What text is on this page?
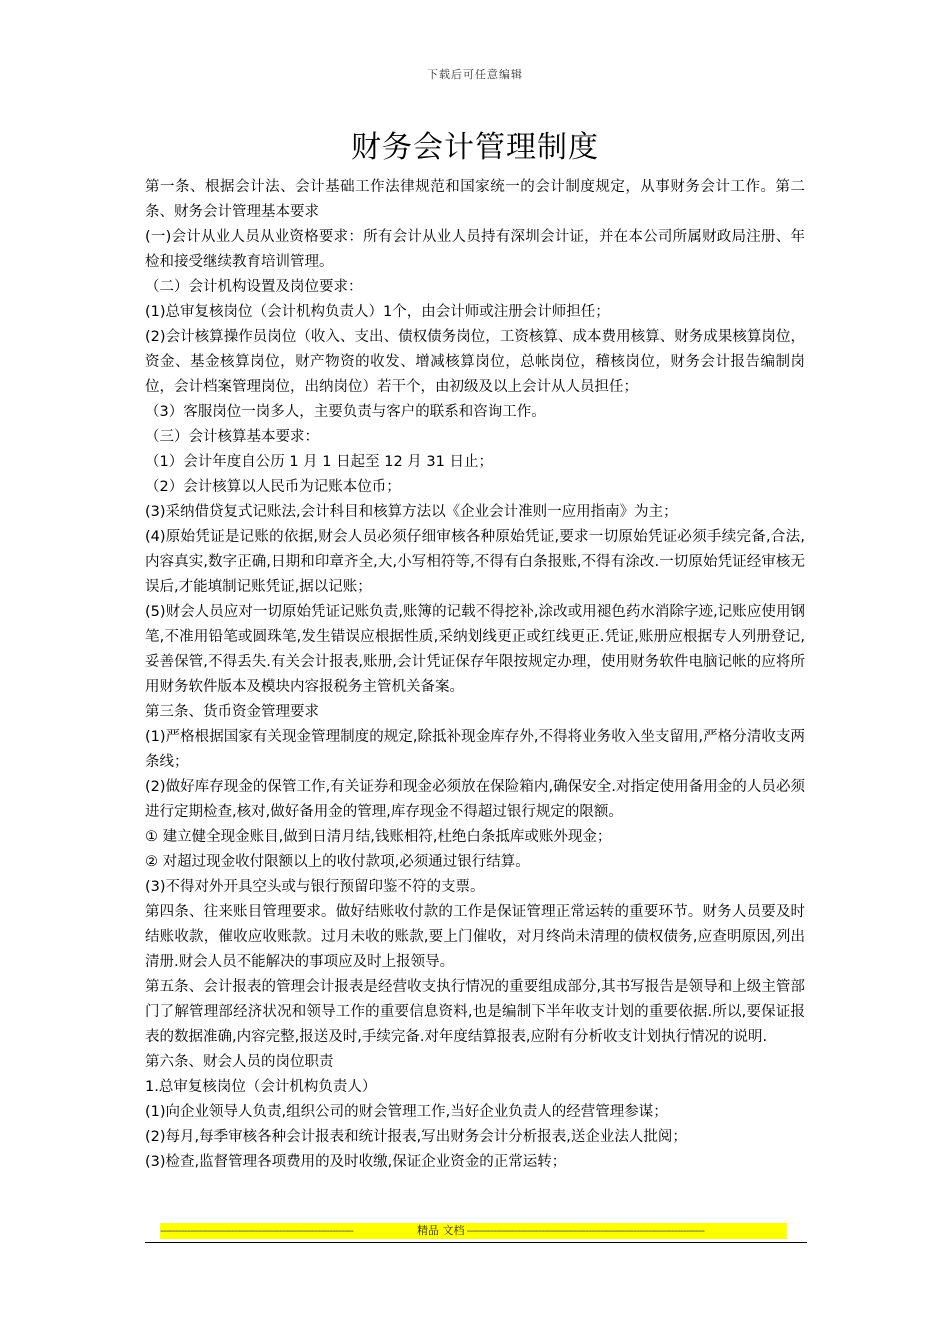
下载后可任意编辑
财务会计管理制度

第一条、根据会计法、会计基础工作法律规范和国家统一的会计制度规定，从事财务会计工作。第二条、财务会计管理基本要求

(一)会计从业人员从业资格要求：所有会计从业人员持有深圳会计证，并在本公司所属财政局注册、年检和接受继续教育培训管理。

（二）会计机构设置及岗位要求：

(1)总审复核岗位（会计机构负责人）1个，由会计师或注册会计师担任；

(2)会计核算操作员岗位（收入、支出、债权债务岗位，工资核算、成本费用核算、财务成果核算岗位，资金、基金核算岗位，财产物资的收发、增减核算岗位，总帐岗位，稽核岗位，财务会计报告编制岗位，会计档案管理岗位，出纳岗位）若干个，由初级及以上会计从人员担任；

（3）客服岗位一岗多人，主要负责与客户的联系和咨询工作。

（三）会计核算基本要求：

（1）会计年度自公历 1 月 1 日起至 12 月 31 日止；

（2）会计核算以人民币为记账本位币；

(3)采纳借贷复式记账法,会计科目和核算方法以《企业会计准则一应用指南》为主；

(4)原始凭证是记账的依据,财会人员必须仔细审核各种原始凭证,要求一切原始凭证必须手续完备,合法,内容真实,数字正确,日期和印章齐全,大,小写相符等,不得有白条报账,不得有涂改.一切原始凭证经审核无误后,才能填制记账凭证,据以记账；

(5)财会人员应对一切原始凭证记账负责,账簿的记载不得挖补,涂改或用褪色药水消除字迹,记账应使用钢笔,不准用铅笔或圆珠笔,发生错误应根据性质,采纳划线更正或红线更正.凭证,账册应根据专人列册登记,妥善保管,不得丢失.有关会计报表,账册,会计凭证保存年限按规定办理，使用财务软件电脑记帐的应将所用财务软件版本及模块内容报税务主管机关备案。

第三条、货币资金管理要求

(1)严格根据国家有关现金管理制度的规定,除抵补现金库存外,不得将业务收入坐支留用,严格分清收支两条线；

(2)做好库存现金的保管工作,有关证券和现金必须放在保险箱内,确保安全.对指定使用备用金的人员必须进行定期检查,核对,做好备用金的管理,库存现金不得超过银行规定的限额。

① 建立健全现金账目,做到日清月结,钱账相符,杜绝白条抵库或账外现金；

② 对超过现金收付限额以上的收付款项,必须通过银行结算。

(3)不得对外开具空头或与银行预留印鉴不符的支票。

第四条、往来账目管理要求。做好结账收付款的工作是保证管理正常运转的重要环节。财务人员要及时结账收款，催收应收账款。过月未收的账款,要上门催收，对月终尚未清理的债权债务,应查明原因,列出清册.财会人员不能解决的事项应及时上报领导。

第五条、会计报表的管理会计报表是经营收支执行情况的重要组成部分,其书写报告是领导和上级主管部门了解管理部经济状况和领导工作的重要信息资料,也是编制下半年收支计划的重要依据.所以,要保证报表的数据准确,内容完整,报送及时,手续完备.对年度结算报表,应附有分析收支计划执行情况的说明.

第六条、财会人员的岗位职责

1.总审复核岗位（会计机构负责人）

(1)向企业领导人负责,组织公司的财会管理工作,当好企业负责人的经营管理参谋；

(2)每月,每季审核各种会计报表和统计报表,写出财务会计分析报表,送企业法人批阅；

(3)检查,监督管理各项费用的及时收缴,保证企业资金的正常运转；

-----------------------------------------------------------------	精品 文档 --------------------------------------------------------------------------------
